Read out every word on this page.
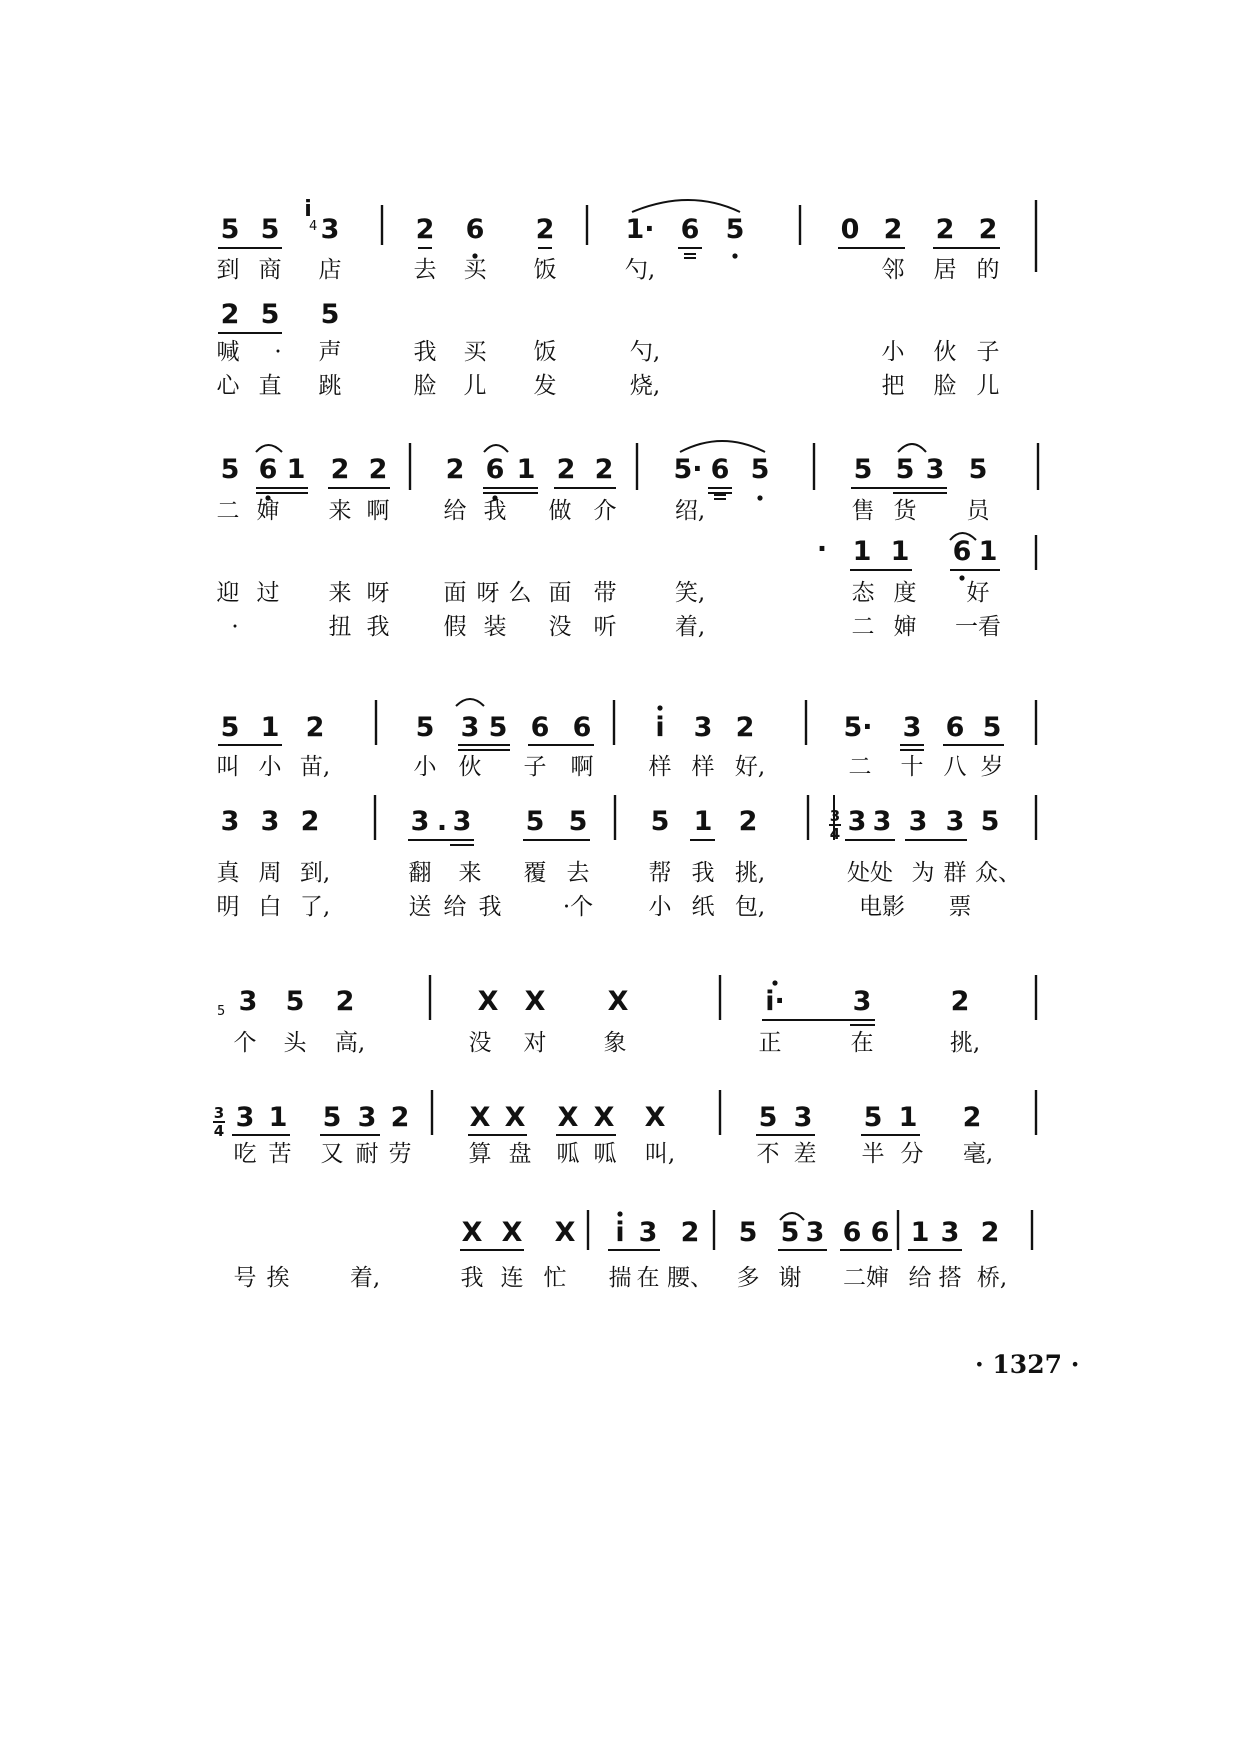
5 5
i
3	2 6 2	1· 6 5	0 2 2 2
2 5 5
5 6 1 2 2 2 6 1 2 2 5· 6 5	5 5 3 5
· 1 1 6 1
5 1 2	5 3 5 6 6 i 3 2	5· 3 6 5
3 3 2	3 . 3 5 5 5 1 2	3 3 3 3 5
3 5 2	X X X	i·	3	2
3 1 5 3 2 X X X X X	5 3 5 1 2
X X X i 3 2 5 5 3 6 6 1 3 2
3
4
3
4
4
5
到 商 店	去 买 饭	勺,	邻 居 的
喊 · 声	我 买 饭	勺,	小 伙 子
心 直 跳	脸 儿 发	烧,	把 脸 儿
二 婶 来 啊 给 我 做 介	绍,	售 货 员
迎 过 来 呀 面 呀 么 面 带	笑,	态 度 好
·	扭 我 假 装 没 听	着,	二 婶 一看
叫 小 苗,	小 伙 子 啊 样 样 好,	二 十 八 岁
真 周 到,	翻 来 覆 去	帮 我 挑,	处处 为 群 众、
明 白 了,	送 给 我	·个 小 纸 包,	电影 票
个 头 高,	没 对 象	正	在	挑,
吃 苦 又 耐 劳 算 盘 呱 呱 叫,	不 差 半 分 毫,
号 挨	着,	我 连 忙 揣 在 腰、 多 谢 二婶 给 搭 桥,
· 1327 ·
